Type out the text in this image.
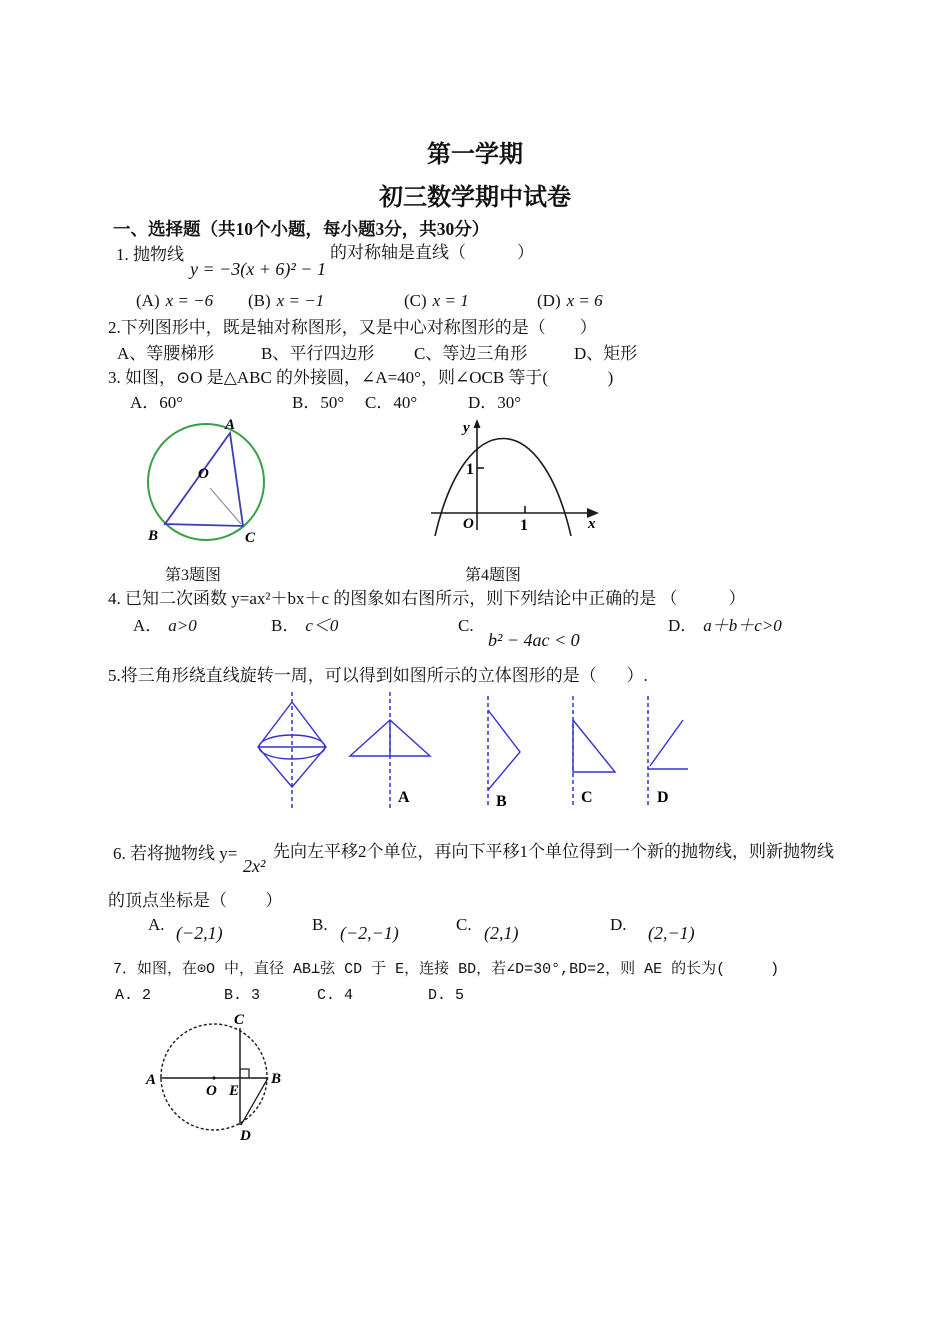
第一学期
初三数学期中试卷
一、选择题（共10个小题，每小题3分，共30分）
1. 抛物线
y = −3(x + 6)² − 1
的对称轴是直线（            ）
(A) x = −6 (B) x = −1	(C) x = 1	(D) x = 6
2.下列图形中，既是轴对称图形，又是中心对称图形的是（        ）
A、等腰梯形	B、平行四边形 C、等边三角形	D、矩形
3. 如图，⊙O 是△ABC 的外接圆，∠A=40°，则∠OCB 等于(              )
A．60°	B．50° C．40°	D．30°
A
B	C
O
y
x
O	1
1
第3题图	第4题图
4. 已知二次函数 y=ax²＋bx＋c 的图象如右图所示，则下列结论中正确的是 （            ）
A． a>0	B． c＜0	C.
b² − 4ac < 0
D． a＋b＋c>0
5.将三角形绕直线旋转一周，可以得到如图所示的立体图形的是（       ）.
A	B	C	D
6. 若将抛物线 y=
2x²
先向左平移2个单位，再向下平移1个单位得到一个新的抛物线，则新抛物线
的顶点坐标是（         ）
A. (−2,1)	B. (−2,−1)	C. (2,1)	D. (2,−1)
7．如图，在⊙O 中，直径 AB⊥弦 CD 于 E，连接 BD，若∠D=30°,BD=2，则 AE 的长为(     )
A. 2	B. 3	C. 4	D. 5
A	B
C
D
O E
